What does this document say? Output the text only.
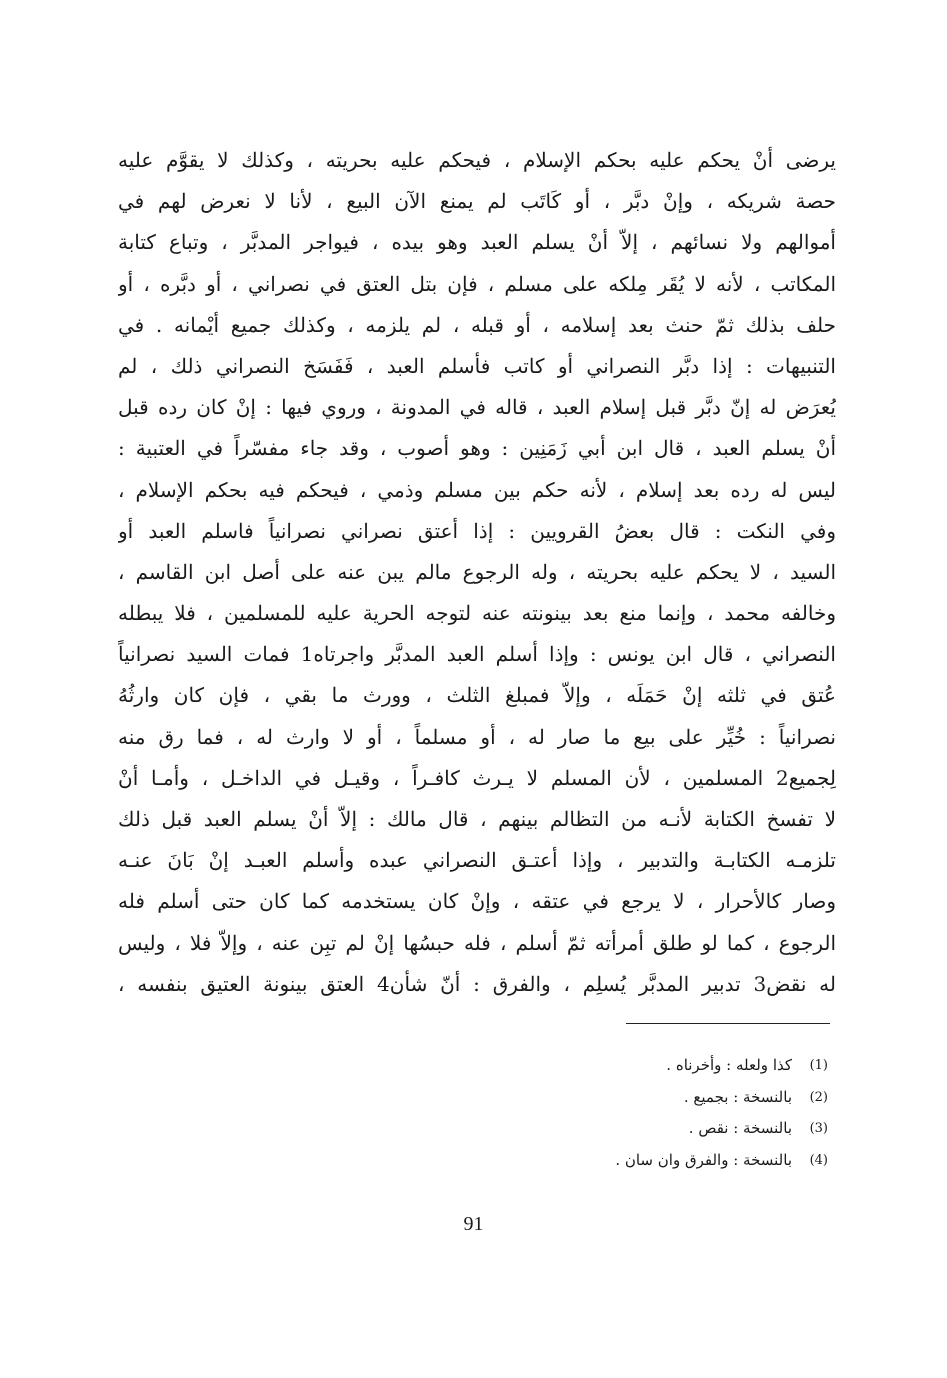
يرضى أنْ يحكم عليه بحكم الإسلام ، فيحكم عليه بحريته ، وكذلك لا يقوَّم عليه
حصة شريكه ، وإنْ دبَّر ، أو كَاتَب لم يمنع الآن البيع ، لأنا لا نعرض لهم في
أموالهم ولا نسائهم ، إلاّ أنْ يسلم العبد وهو بيده ، فيواجر المدبَّر ، وتباع كتابة
المكاتب ، لأنه لا يُقَر مِلكه على مسلم ، فإن بتل العتق في نصراني ، أو دبَّره ، أو
حلف بذلك ثمّ حنث بعد إسلامه ، أو قبله ، لم يلزمه ، وكذلك جميع أيْمانه . في
التنبيهات : إذا دبَّر النصراني أو كاتب فأسلم العبد ، فَفَسَخ النصراني ذلك ، لم
يُعرَض له إنّ دبَّر قبل إسلام العبد ، قاله في المدونة ، وروي فيها : إنْ كان رده قبل
أنْ يسلم العبد ، قال ابن أبي زَمَنِين : وهو أصوب ، وقد جاء مفسّراً في العتبية :
ليس له رده بعد إسلام ، لأنه حكم بين مسلم وذمي ، فيحكم فيه بحكم الإسلام ،
وفي النكت : قال بعضُ القرويين : إذا أعتق نصراني نصرانياً فاسلم العبد أو
السيد ، لا يحكم عليه بحريته ، وله الرجوع مالم يبن عنه على أصل ابن القاسم ،
وخالفه محمد ، وإنما منع بعد بينونته عنه لتوجه الحرية عليه للمسلمين ، فلا يبطله
النصراني ، قال ابن يونس : وإذا أسلم العبد المدبَّر واجرتاه1 فمات السيد نصرانياً
عُتق في ثلثه إنْ حَمَلَه ، وإلاّ فمبلغ الثلث ، وورث ما بقي ، فإن كان وارثُهُ
نصرانياً : خُيِّر على بيع ما صار له ، أو مسلماً ، أو لا وارث له ، فما رق منه
لِجميع2 المسلمين ، لأن المسلم لا يـرث كافـراً ، وقيـل في الداخـل ، وأمـا أنْ
لا تفسخ الكتابة لأنـه من التظالم بينهم ، قال مالك : إلاّ أنْ يسلم العبد قبل ذلك
تلزمـه الكتابـة والتدبير ، وإذا أعتـق النصراني عبده وأسلم العبـد إنْ بَانَ عنـه
وصار كالأحرار ، لا يرجع في عتقه ، وإنْ كان يستخدمه كما كان حتى أسلم فله
الرجوع ، كما لو طلق أمرأته ثمّ أسلم ، فله حبسُها إنْ لم تبِن عنه ، وإلاّ فلا ، وليس
له نقض3 تدبير المدبَّر يُسلِم ، والفرق : أنّ شأن4 العتق بينونة العتيق بنفسه ،
(1)
كذا ولعله : وأخرناه .
(2)
بالنسخة : بجميع .
(3)
بالنسخة : نقص .
(4)
بالنسخة : والفرق وان سان .
91
